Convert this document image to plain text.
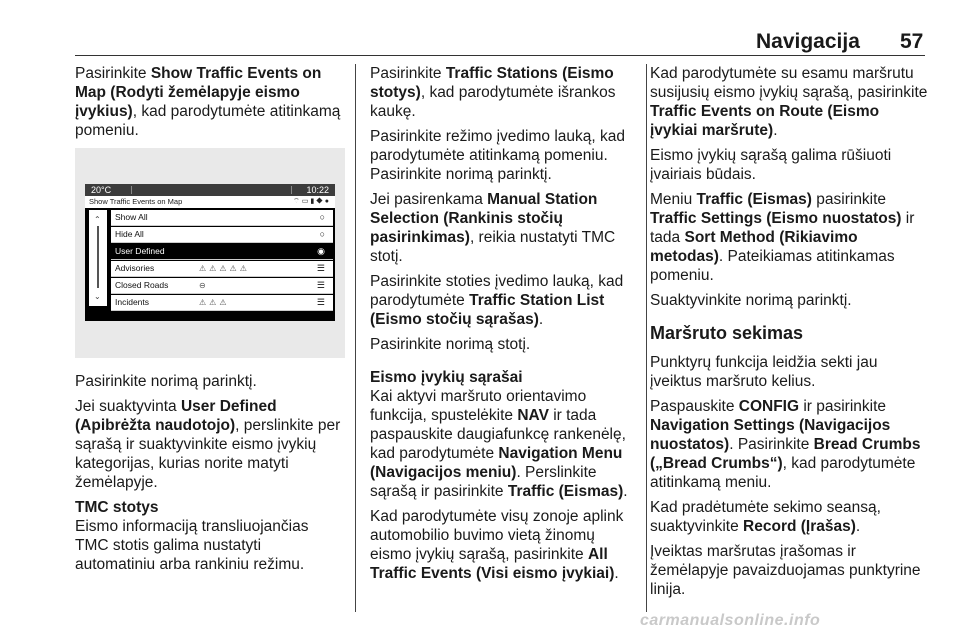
Navigacija 57

Pasirinkite Show Traffic Events on Map (Rodyti žemėlapyje eismo įvykius), kad parodytumėte atitinkamą pomeniu.

20°C	10:22
Show Traffic Events on Map	⌔▭▮◆●
⌃
⌄
Show All	○
Hide All	○
User Defined	◉
Advisories	⚠⚠⚠⚠⚠	☰
Closed Roads	⊖	☰
Incidents	⚠⚠⚠	☰

Pasirinkite norimą parinktį.

Jei suaktyvinta User Defined (Apibrėžta naudotojo), perslinkite per sąrašą ir suaktyvinkite eismo įvykių kategorijas, kurias norite matyti žemėlapyje.

TMC stotys

Eismo informaciją transliuojančias TMC stotis galima nustatyti automatiniu arba rankiniu režimu.

Pasirinkite Traffic Stations (Eismo stotys), kad parodytumėte išrankos kaukę.

Pasirinkite režimo įvedimo lauką, kad parodytumėte atitinkamą pomeniu. Pasirinkite norimą parinktį.

Jei pasirenkama Manual Station Selection (Rankinis stočių pasirinkimas), reikia nustatyti TMC stotį.

Pasirinkite stoties įvedimo lauką, kad parodytumėte Traffic Station List (Eismo stočių sąrašas).

Pasirinkite norimą stotį.

Eismo įvykių sąrašai

Kai aktyvi maršruto orientavimo funkcija, spustelėkite NAV ir tada paspauskite daugiafunkcę rankenėlę, kad parodytumėte Navigation Menu (Navigacijos meniu). Perslinkite sąrašą ir pasirinkite Traffic (Eismas).

Kad parodytumėte visų zonoje aplink automobilio buvimo vietą žinomų eismo įvykių sąrašą, pasirinkite All Traffic Events (Visi eismo įvykiai).

Kad parodytumėte su esamu maršrutu susijusių eismo įvykių sąrašą, pasirinkite Traffic Events on Route (Eismo įvykiai maršrute).

Eismo įvykių sąrašą galima rūšiuoti įvairiais būdais.

Meniu Traffic (Eismas) pasirinkite Traffic Settings (Eismo nuostatos) ir tada Sort Method (Rikiavimo metodas). Pateikiamas atitinkamas pomeniu.

Suaktyvinkite norimą parinktį.

Maršruto sekimas

Punktyrų funkcija leidžia sekti jau įveiktus maršruto kelius.

Paspauskite CONFIG ir pasirinkite Navigation Settings (Navigacijos nuostatos). Pasirinkite Bread Crumbs („Bread Crumbs“), kad parodytumėte atitinkamą meniu.

Kad pradėtumėte sekimo seansą, suaktyvinkite Record (Įrašas).

Įveiktas maršrutas įrašomas ir žemėlapyje pavaizduojamas punktyrine linija.

carmanualsonline.info
